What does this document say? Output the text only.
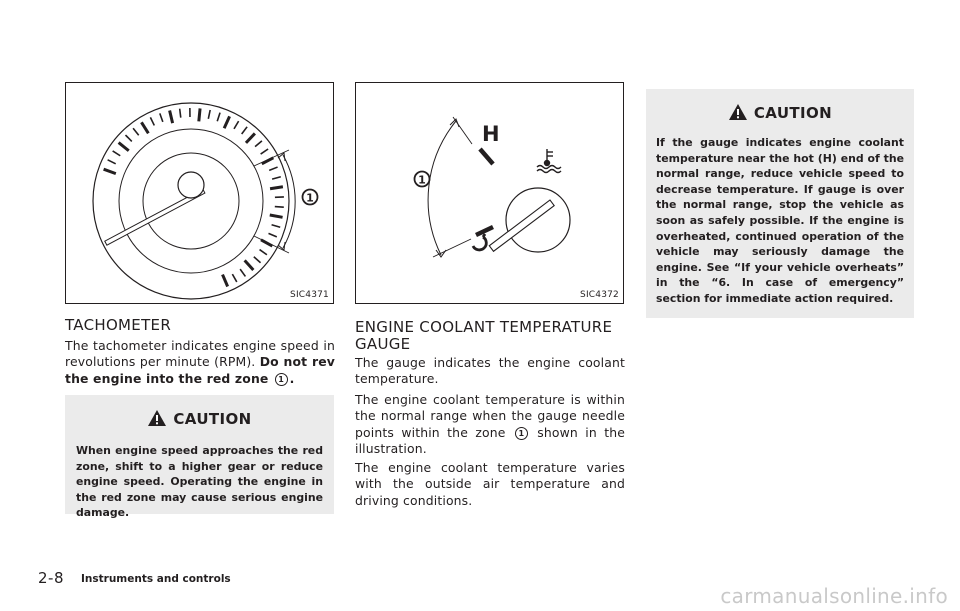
1
SIC4371
H
1
SIC4372
TACHOMETER

The tachometer indicates engine speed in revolutions per minute (RPM). Do not rev the engine into the red zone 1 .

CAUTION

When engine speed approaches the red zone, shift to a higher gear or reduce engine speed. Operating the engine in the red zone may cause serious engine damage.

ENGINE COOLANT TEMPERATURE
GAUGE

The gauge indicates the engine coolant temperature.

The engine coolant temperature is within the normal range when the gauge needle points within the zone 1 shown in the illustration.

The engine coolant temperature varies with the outside air temperature and driving conditions.

CAUTION

If the gauge indicates engine coolant temperature near the hot (H) end of the normal range, reduce vehicle speed to decrease temperature. If gauge is over the normal range, stop the vehicle as soon as safely possible. If the engine is overheated, continued operation of the vehicle may seriously damage the engine. See “If your vehicle overheats” in the “6. In case of emergency” section for immediate action required.

2-8 Instruments and controls
carmanualsonline.info
